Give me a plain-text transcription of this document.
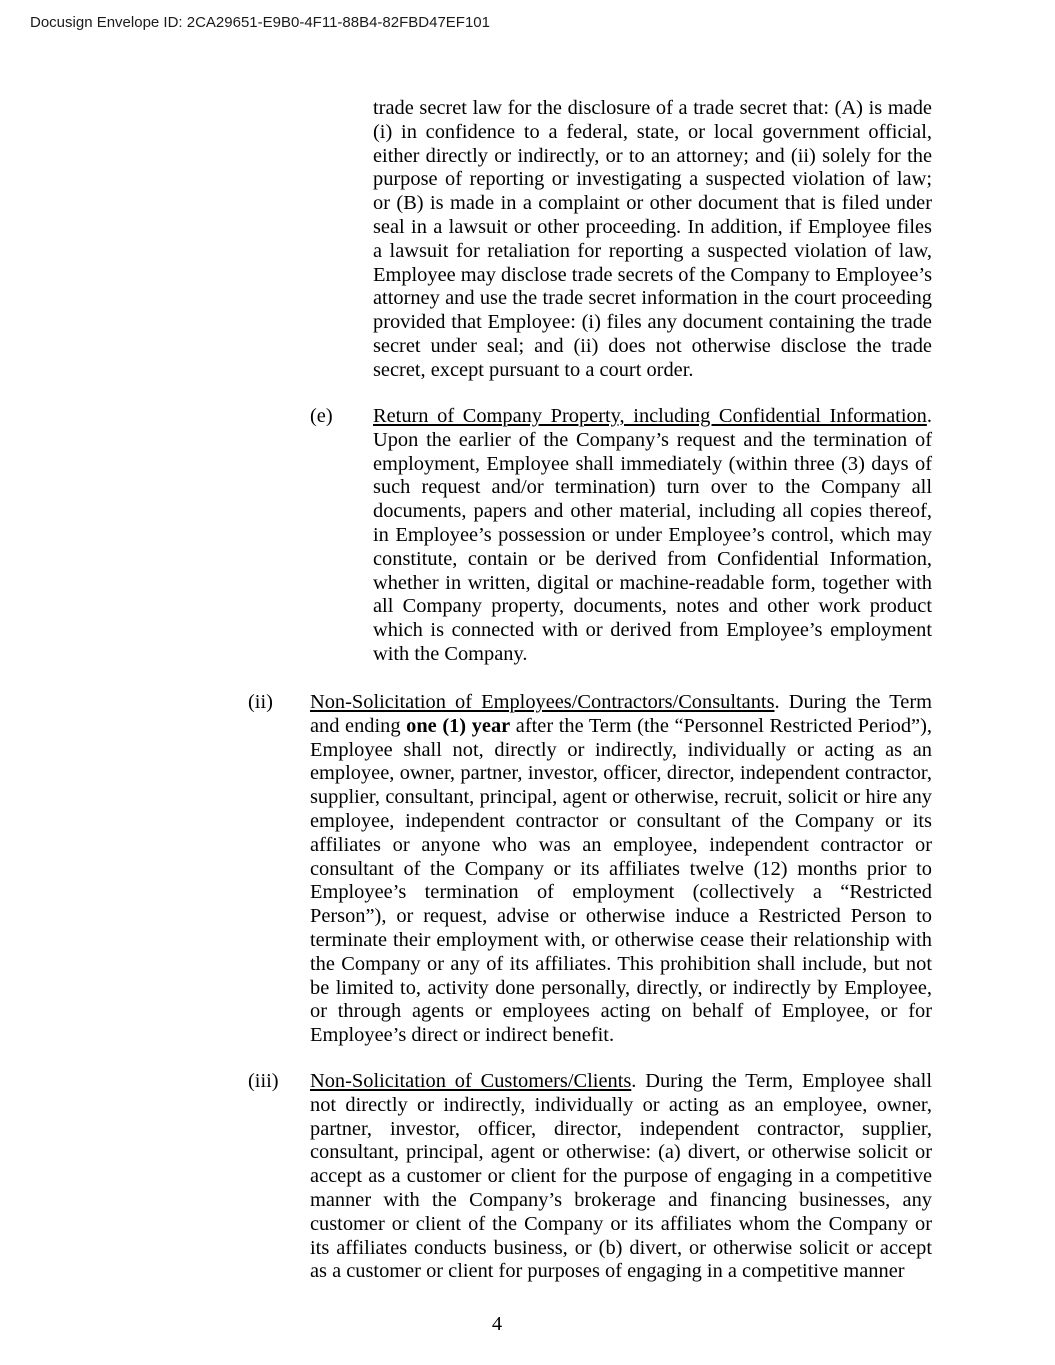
Docusign Envelope ID: 2CA29651-E9B0-4F11-88B4-82FBD47EF101
trade secret law for the disclosure of a trade secret that: (A) is made (i) in confidence to a federal, state, or local government official, either directly or indirectly, or to an attorney; and (ii) solely for the purpose of reporting or investigating a suspected violation of law; or (B) is made in a complaint or other document that is filed under seal in a lawsuit or other proceeding. In addition, if Employee files a lawsuit for retaliation for reporting a suspected violation of law, Employee may disclose trade secrets of the Company to Employee’s attorney and use the trade secret information in the court proceeding provided that Employee: (i) files any document containing the trade secret under seal; and (ii) does not otherwise disclose the trade secret, except pursuant to a court order.
(e)	Return of Company Property, including Confidential Information. Upon the earlier of the Company’s request and the termination of employment, Employee shall immediately (within three (3) days of such request and/or termination) turn over to the Company all documents, papers and other material, including all copies thereof, in Employee’s possession or under Employee’s control, which may constitute, contain or be derived from Confidential Information, whether in written, digital or machine-readable form, together with all Company property, documents, notes and other work product which is connected with or derived from Employee’s employment with the Company.
(ii)	Non-Solicitation of Employees/Contractors/Consultants. During the Term and ending one (1) year after the Term (the “Personnel Restricted Period”), Employee shall not, directly or indirectly, individually or acting as an employee, owner, partner, investor, officer, director, independent contractor, supplier, consultant, principal, agent or otherwise, recruit, solicit or hire any employee, independent contractor or consultant of the Company or its affiliates or anyone who was an employee, independent contractor or consultant of the Company or its affiliates twelve (12) months prior to Employee’s termination of employment (collectively a “Restricted Person”), or request, advise or otherwise induce a Restricted Person to terminate their employment with, or otherwise cease their relationship with the Company or any of its affiliates. This prohibition shall include, but not be limited to, activity done personally, directly, or indirectly by Employee, or through agents or employees acting on behalf of Employee, or for Employee’s direct or indirect benefit.
(iii)	Non-Solicitation of Customers/Clients. During the Term, Employee shall not directly or indirectly, individually or acting as an employee, owner, partner, investor, officer, director, independent contractor, supplier, consultant, principal, agent or otherwise: (a) divert, or otherwise solicit or accept as a customer or client for the purpose of engaging in a competitive manner with the Company’s brokerage and financing businesses, any customer or client of the Company or its affiliates whom the Company or its affiliates conducts business, or (b) divert, or otherwise solicit or accept as a customer or client for purposes of engaging in a competitive manner
4
